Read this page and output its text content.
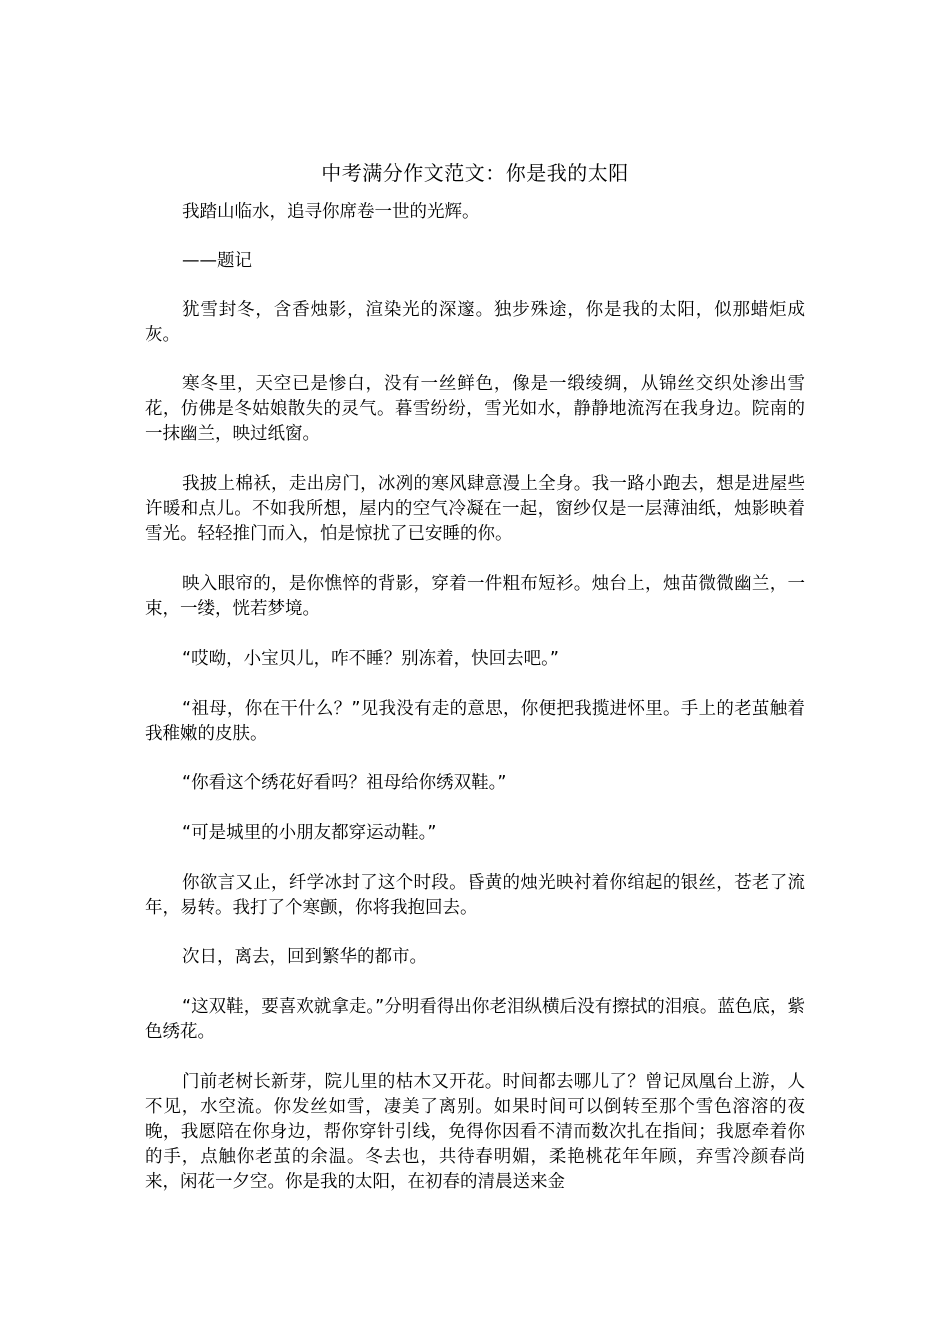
中考满分作文范文：你是我的太阳

我踏山临水，追寻你席卷一世的光辉。

——题记

犹雪封冬，含香烛影，渲染光的深邃。独步殊途，你是我的太阳，似那蜡炬成灰。

寒冬里，天空已是惨白，没有一丝鲜色，像是一缎绫绸，从锦丝交织处渗出雪花，仿佛是冬姑娘散失的灵气。暮雪纷纷，雪光如水，静静地流泻在我身边。院南的一抹幽兰，映过纸窗。

我披上棉袄，走出房门，冰冽的寒风肆意漫上全身。我一路小跑去，想是进屋些许暖和点儿。不如我所想，屋内的空气冷凝在一起，窗纱仅是一层薄油纸，烛影映着雪光。轻轻推门而入，怕是惊扰了已安睡的你。

映入眼帘的，是你憔悴的背影，穿着一件粗布短衫。烛台上，烛苗微微幽兰，一束，一缕，恍若梦境。

“哎呦，小宝贝儿，咋不睡？别冻着，快回去吧。”

“祖母，你在干什么？”见我没有走的意思，你便把我揽进怀里。手上的老茧触着我稚嫩的皮肤。

“你看这个绣花好看吗？祖母给你绣双鞋。”

“可是城里的小朋友都穿运动鞋。”

你欲言又止，纤学冰封了这个时段。昏黄的烛光映衬着你绾起的银丝，苍老了流年，易转。我打了个寒颤，你将我抱回去。

次日，离去，回到繁华的都市。

“这双鞋，要喜欢就拿走。”分明看得出你老泪纵横后没有擦拭的泪痕。蓝色底，紫色绣花。

门前老树长新芽，院儿里的枯木又开花。时间都去哪儿了？曾记凤凰台上游，人不见，水空流。你发丝如雪，凄美了离别。如果时间可以倒转至那个雪色溶溶的夜晚，我愿陪在你身边，帮你穿针引线，免得你因看不清而数次扎在指间；我愿牵着你的手，点触你老茧的余温。冬去也，共待春明媚，柔艳桃花年年顾，弃雪冷颜春尚来，闲花一夕空。你是我的太阳，在初春的清晨送来金
